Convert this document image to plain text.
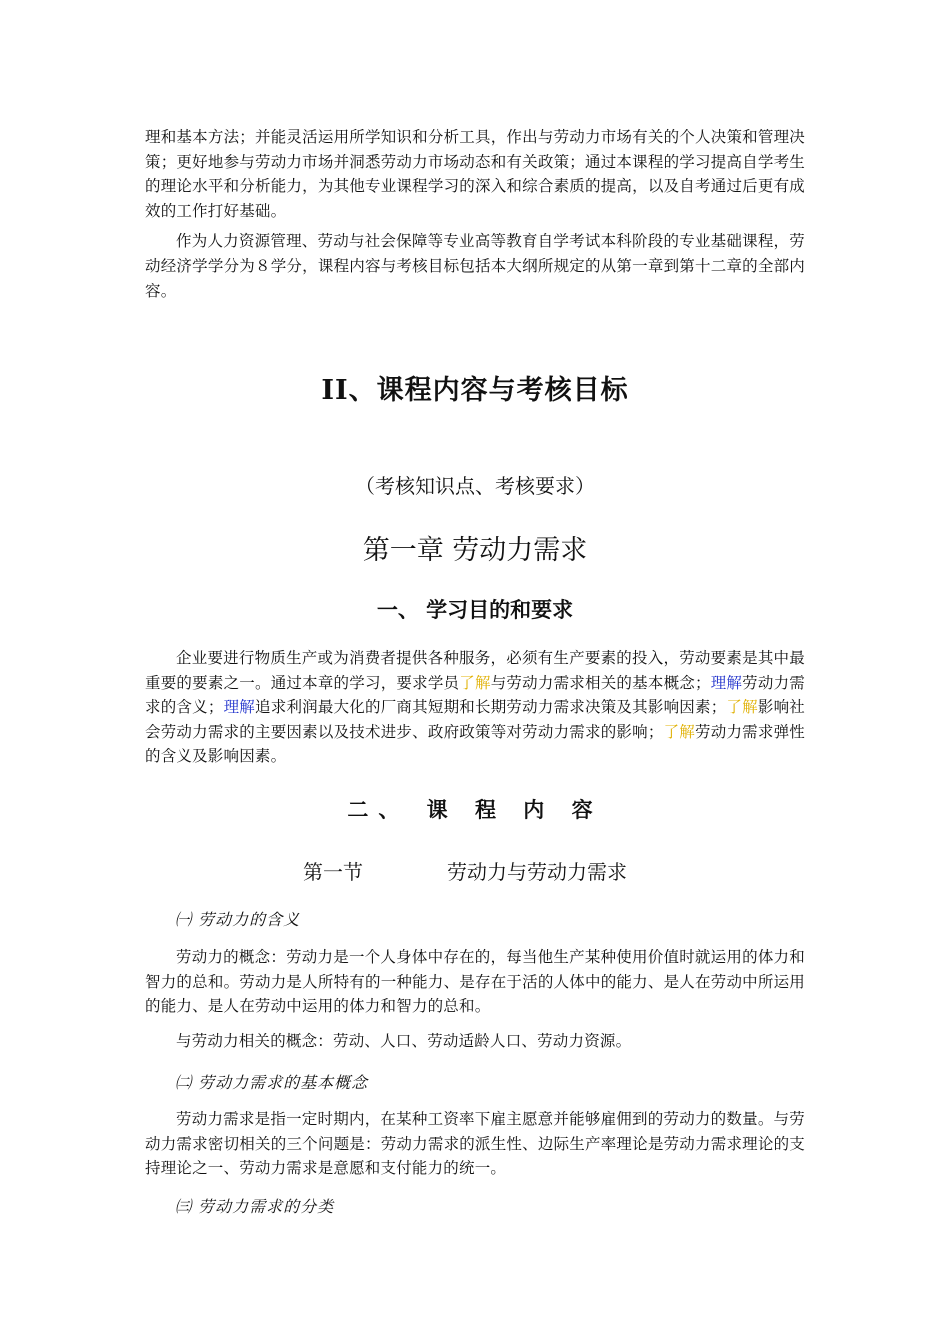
理和基本方法；并能灵活运用所学知识和分析工具，作出与劳动力市场有关的个人决策和管理决策；更好地参与劳动力市场并洞悉劳动力市场动态和有关政策；通过本课程的学习提高自学考生的理论水平和分析能力，为其他专业课程学习的深入和综合素质的提高，以及自考通过后更有成效的工作打好基础。

作为人力资源管理、劳动与社会保障等专业高等教育自学考试本科阶段的专业基础课程，劳动经济学学分为８学分，课程内容与考核目标包括本大纲所规定的从第一章到第十二章的全部内容。

II、课程内容与考核目标
（考核知识点、考核要求）
第一章 劳动力需求
一、 学习目的和要求

企业要进行物质生产或为消费者提供各种服务，必须有生产要素的投入，劳动要素是其中最重要的要素之一。通过本章的学习，要求学员了解与劳动力需求相关的基本概念；理解劳动力需求的含义；理解追求利润最大化的厂商其短期和长期劳动力需求决策及其影响因素；了解影响社会劳动力需求的主要因素以及技术进步、政府政策等对劳动力需求的影响；了解劳动力需求弹性的含义及影响因素。

二、 课 程 内 容
第一节	劳动力与劳动力需求
㈠ 劳动力的含义

劳动力的概念：劳动力是一个人身体中存在的，每当他生产某种使用价值时就运用的体力和智力的总和。劳动力是人所特有的一种能力、是存在于活的人体中的能力、是人在劳动中所运用的能力、是人在劳动中运用的体力和智力的总和。

与劳动力相关的概念：劳动、人口、劳动适龄人口、劳动力资源。

㈡ 劳动力需求的基本概念

劳动力需求是指一定时期内，在某种工资率下雇主愿意并能够雇佣到的劳动力的数量。与劳动力需求密切相关的三个问题是：劳动力需求的派生性、边际生产率理论是劳动力需求理论的支持理论之一、劳动力需求是意愿和支付能力的统一。

㈢ 劳动力需求的分类
